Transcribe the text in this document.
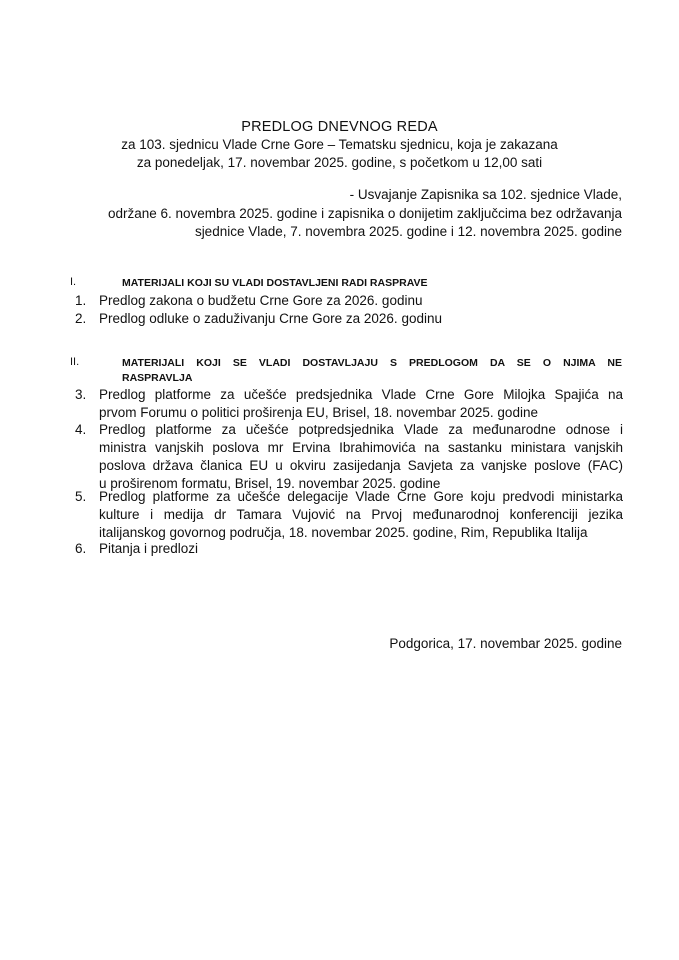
PREDLOG DNEVNOG REDA
za 103. sjednicu Vlade Crne Gore – Tematsku sjednicu, koja je zakazana
za ponedeljak, 17. novembar 2025. godine, s početkom u 12,00 sati
- Usvajanje Zapisnika sa 102. sjednice Vlade,
održane 6. novembra 2025. godine i zapisnika o donijetim zaključcima bez održavanja
sjednice Vlade, 7. novembra 2025. godine i 12. novembra 2025. godine
I.	MATERIJALI KOJI SU VLADI DOSTAVLJENI RADI RASPRAVE
1. Predlog zakona o budžetu Crne Gore za 2026. godinu
2. Predlog odluke o zaduživanju Crne Gore za 2026. godinu
II.	MATERIJALI KOJI SE VLADI DOSTAVLJAJU S PREDLOGOM DA SE O NJIMA NE
RASPRAVLJA
3. Predlog platforme za učešće predsjednika Vlade Crne Gore Milojka Spajića na
prvom Forumu o politici proširenja EU, Brisel, 18. novembar 2025. godine
4. Predlog platforme za učešće potpredsjednika Vlade za međunarodne odnose i
ministra vanjskih poslova mr Ervina Ibrahimovića na sastanku ministara vanjskih
poslova država članica EU u okviru zasijedanja Savjeta za vanjske poslove (FAC)
u proširenom formatu, Brisel, 19. novembar 2025. godine
5. Predlog platforme za učešće delegacije Vlade Crne Gore koju predvodi ministarka
kulture i medija dr Tamara Vujović na Prvoj međunarodnoj konferenciji jezika
italijanskog govornog područja, 18. novembar 2025. godine, Rim, Republika Italija
6. Pitanja i predlozi
Podgorica, 17. novembar 2025. godine
